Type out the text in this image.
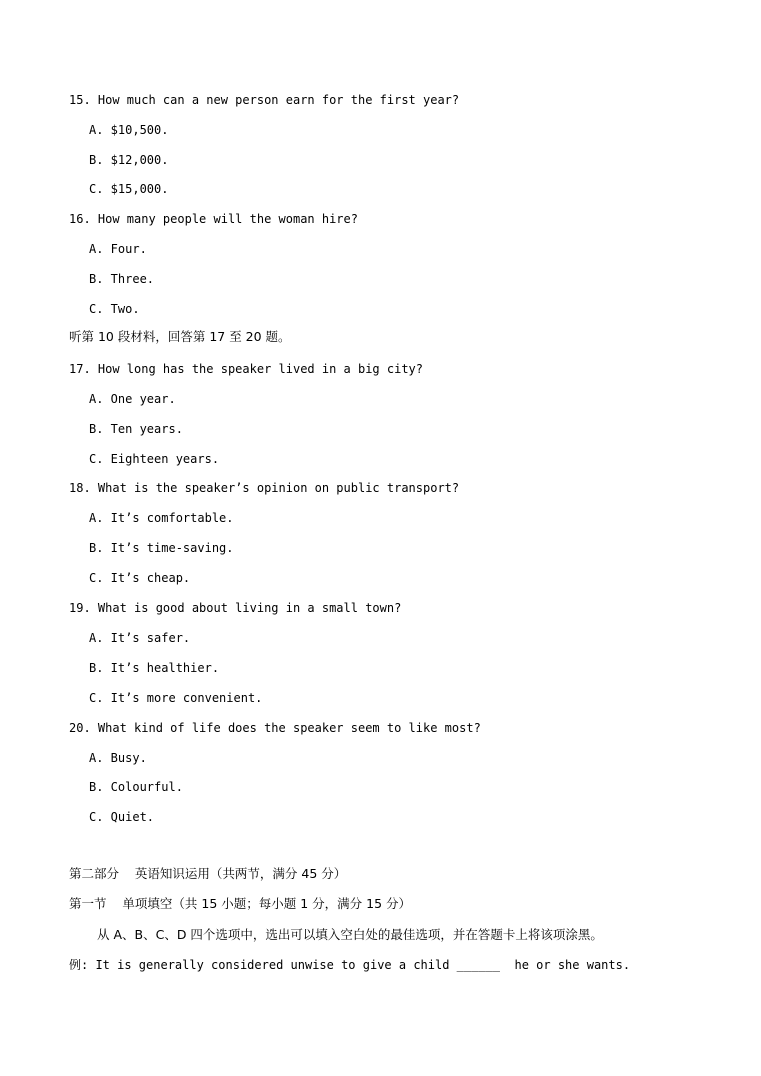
15. How much can a new person earn for the first year?
A. $10,500.
B. $12,000.
C. $15,000.
16. How many people will the woman hire?
A. Four.
B. Three.
C. Two.
听第 10 段材料，回答第 17 至 20 题。
17. How long has the speaker lived in a big city?
A. One year.
B. Ten years.
C. Eighteen years.
18. What is the speaker’s opinion on public transport?
A. It’s comfortable.
B. It’s time-saving.
C. It’s cheap.
19. What is good about living in a small town?
A. It’s safer.
B. It’s healthier.
C. It’s more convenient.
20. What kind of life does the speaker seem to like most?
A. Busy.
B. Colourful.
C. Quiet.
第二部分    英语知识运用（共两节，满分 45 分）
第一节    单项填空（共 15 小题；每小题 1 分，满分 15 分）
从 A、B、C、D 四个选项中，选出可以填入空白处的最佳选项，并在答题卡上将该项涂黑。
例: It is generally considered unwise to give a child ______  he or she wants.
